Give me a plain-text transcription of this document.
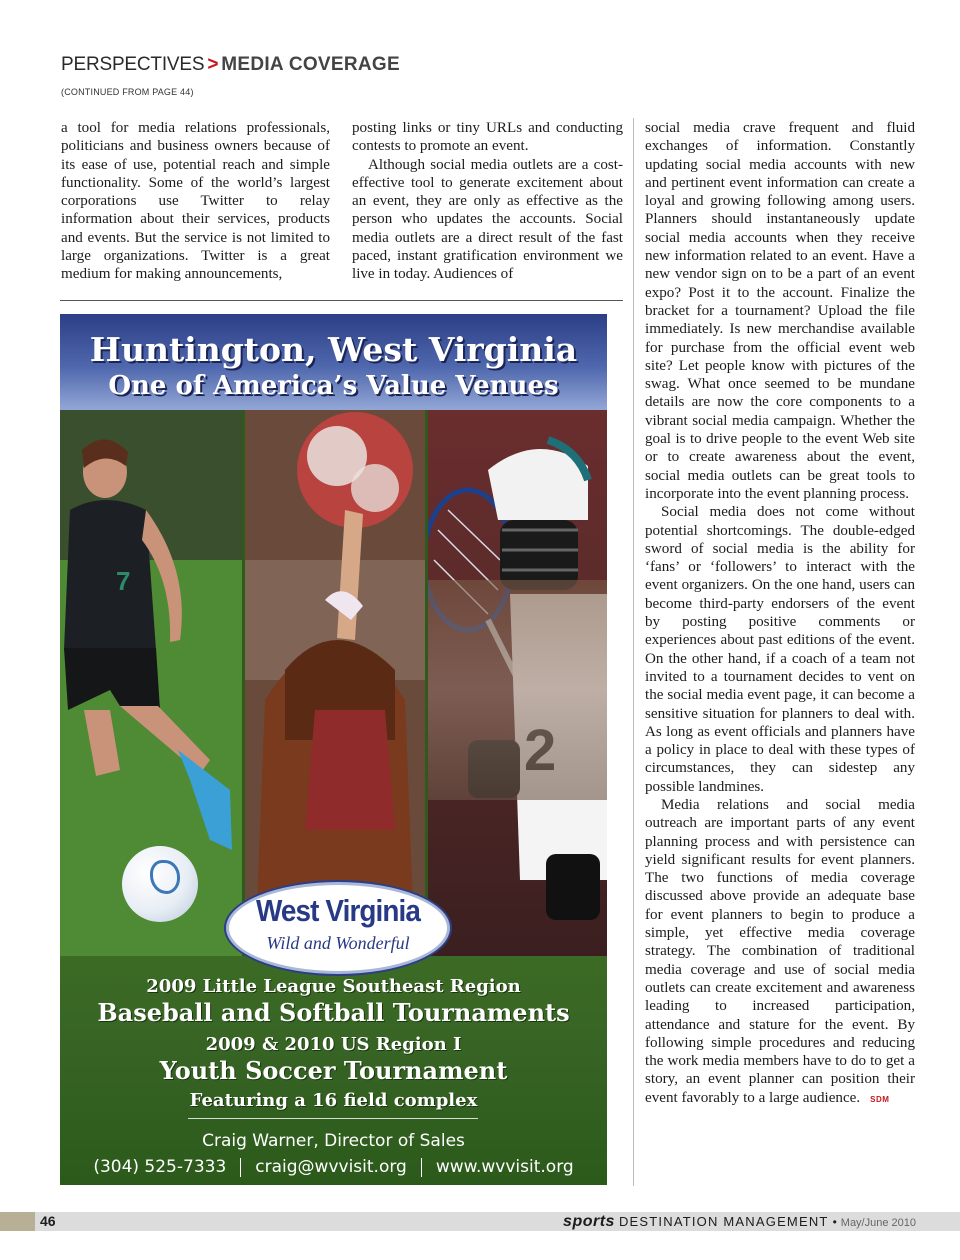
PERSPECTIVES > MEDIA COVERAGE
(CONTINUED FROM PAGE 44)

a tool for media relations professionals, politicians and business owners because of its ease of use, potential reach and simple functionality. Some of the world’s largest corporations use Twitter to relay information about their services, products and events. But the service is not limited to large organizations. Twitter is a great medium for making announcements,

posting links or tiny URLs and conducting contests to promote an event.

Although social media outlets are a cost-effective tool to generate excitement about an event, they are only as effective as the person who updates the accounts. Social media outlets are a direct result of the fast paced, instant gratification environment we live in today. Audiences of

social media crave frequent and fluid exchanges of information. Constantly updating social media accounts with new and pertinent event information can create a loyal and growing following among users. Planners should instantaneously update social media accounts when they receive new information related to an event. Have a new vendor sign on to be a part of an event expo? Post it to the account. Finalize the bracket for a tournament? Upload the file immediately. Is new merchandise available for purchase from the official event web site? Let people know with pictures of the swag. What once seemed to be mundane details are now the core components to a vibrant social media campaign. Whether the goal is to drive people to the event Web site or to create awareness about the event, social media outlets can be great tools to incorporate into the event planning process.

Social media does not come without potential shortcomings. The double-edged sword of social media is the ability for ‘fans’ or ‘followers’ to interact with the event organizers. On the one hand, users can become third-party endorsers of the event by posting positive comments or experiences about past editions of the event. On the other hand, if a coach of a team not invited to a tournament decides to vent on the social media event page, it can become a sensitive situation for planners to deal with. As long as event officials and planners have a policy in place to deal with these types of circumstances, they can sidestep any possible landmines.

Media relations and social media outreach are important parts of any event planning process and with persistence can yield significant results for event planners. The two functions of media coverage discussed above provide an adequate base for event planners to begin to produce a simple, yet effective media coverage strategy. The combination of traditional media coverage and use of social media outlets can create excitement and awareness leading to increased participation, attendance and stature for the event. By following simple procedures and reducing the work media members have to do to get a story, an event planner can position their event favorably to a large audience. SDM

Huntington, West Virginia
One of America’s Value Venues
7
West Virginia
Wild and Wonderful
2009 Little League Southeast Region
Baseball and Softball Tournaments
2009 & 2010 US Region I
Youth Soccer Tournament
Featuring a 16 field complex
Craig Warner, Director of Sales
(304) 525-7333 craig@wvvisit.org www.wvvisit.org
46	sports DESTINATION MANAGEMENT • May/June 2010
